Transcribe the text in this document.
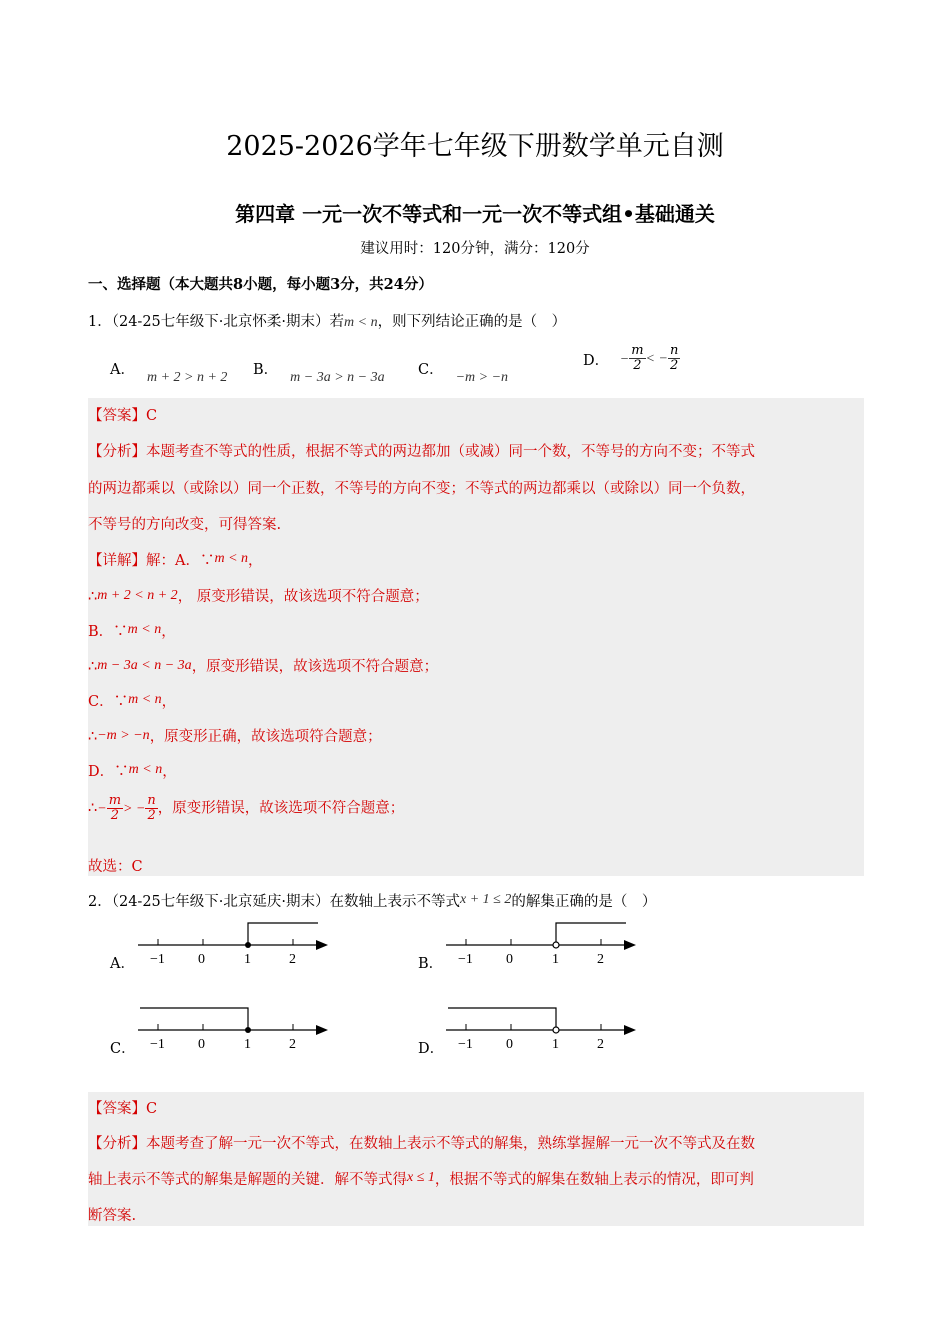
2025-2026学年七年级下册数学单元自测
第四章 一元一次不等式和一元一次不等式组•基础通关
建议用时：120分钟，满分：120分
一、选择题（本大题共8小题，每小题3分，共24分）
1．（24-25七年级下·北京怀柔·期末）若m < n，则下列结论正确的是（　）
A． m + 2 > n + 2 B． m − 3a > n − 3a C． −m > −n
D． − $\frac{m}{2}$ < − $\frac{n}{2}$
【答案】C
【分析】本题考查不等式的性质，根据不等式的两边都加（或减）同一个数，不等号的方向不变；不等式
的两边都乘以（或除以）同一个正数，不等号的方向不变；不等式的两边都乘以（或除以）同一个负数，
不等号的方向改变，可得答案.
【详解】解：A．∵m < n，
∴m + 2 < n + 2， 原变形错误，故该选项不符合题意；
B．∵m < n，
∴m − 3a < n − 3a，原变形错误，故该选项不符合题意；
C．∵m < n，
∴−m > −n，原变形正确，故该选项符合题意；
D．∵m < n，
∴− $\frac{m}{2}$ > − $\frac{n}{2}$ ，原变形错误，故该选项不符合题意；
故选：C
2．（24-25七年级下·北京延庆·期末）在数轴上表示不等式x + 1 ≤ 2的解集正确的是（　）
A．	B．
C．	D．
−1 0	1	2	−1 0	1	2
−1 0	1	2	−1 0	1	2
【答案】C
【分析】本题考查了解一元一次不等式，在数轴上表示不等式的解集，熟练掌握解一元一次不等式及在数
轴上表示不等式的解集是解题的关键．解不等式得x ≤ 1，根据不等式的解集在数轴上表示的情况，即可判
断答案.
